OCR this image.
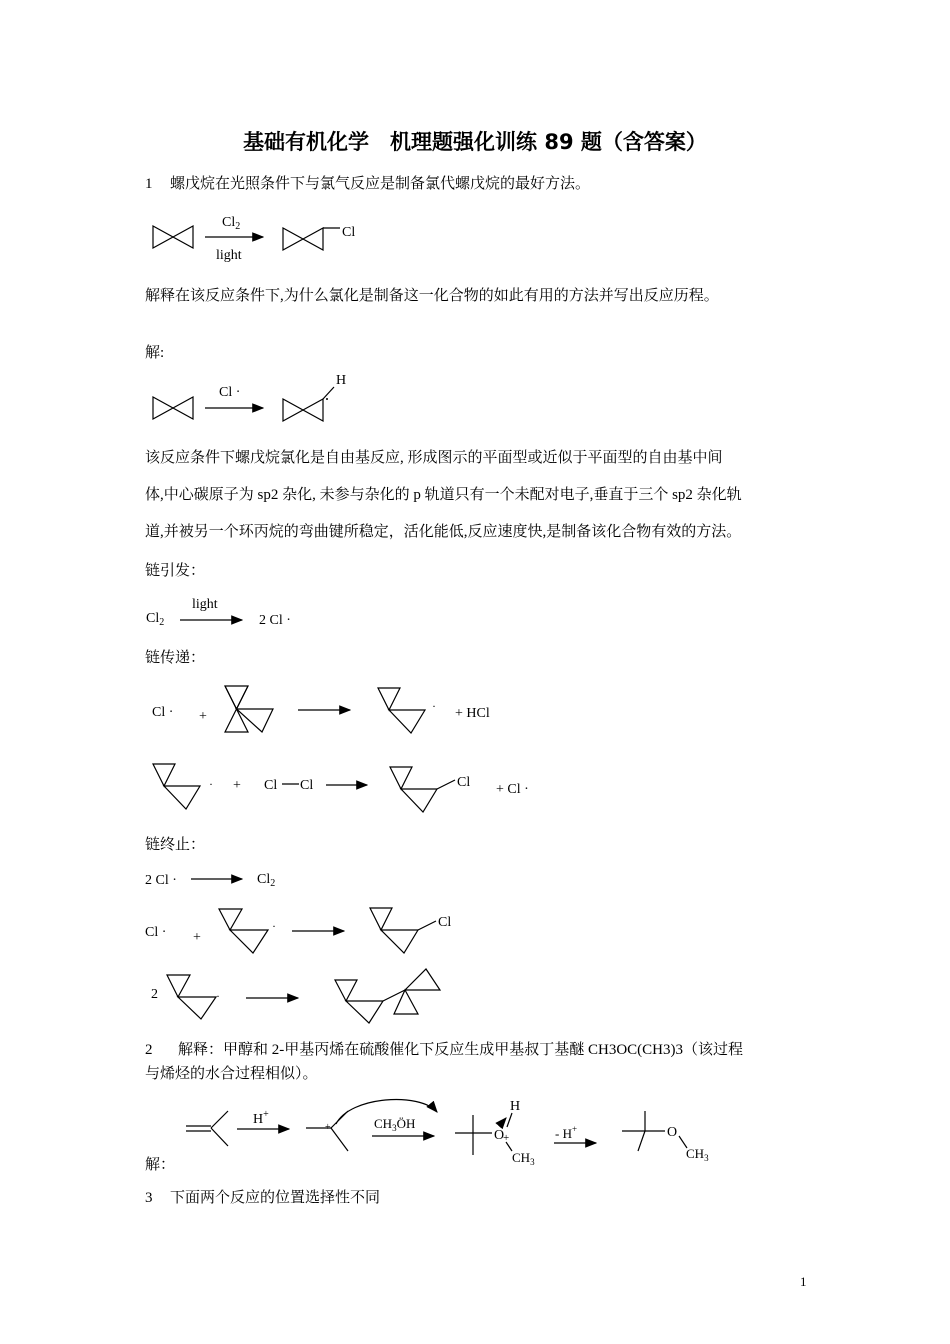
基础有机化学　机理题强化训练 89 题（含答案）
1 螺戊烷在光照条件下与氯气反应是制备氯代螺戊烷的最好方法。
解释在该反应条件下,为什么氯化是制备这一化合物的如此有用的方法并写出反应历程。
解:
该反应条件下螺戊烷氯化是自由基反应, 形成图示的平面型或近似于平面型的自由基中间
体,中心碳原子为 sp2 杂化, 未参与杂化的 p 轨道只有一个未配对电子,垂直于三个 sp2 杂化轨
道,并被另一个环丙烷的弯曲键所稳定，活化能低,反应速度快,是制备该化合物有效的方法。
链引发：
链传递：
链终止：
2 解释：甲醇和 2-甲基丙烯在硫酸催化下反应生成甲基叔丁基醚 CH3OC(CH3)3（该过程
与烯烃的水合过程相似）。
解：
3 下面两个反应的位置选择性不同
1
$Cl_2$
light
Cl
Cl ·
H
$Cl_2$
light
2 Cl ·
Cl · +
· + HCl
· + Cl Cl	Cl + Cl ·
2 Cl ·	$Cl_2$
Cl · +
·	Cl
2	·
H+
+	$CH_3ÖH$
H
O
+
$CH_3$
- H+	O
$CH_3$
